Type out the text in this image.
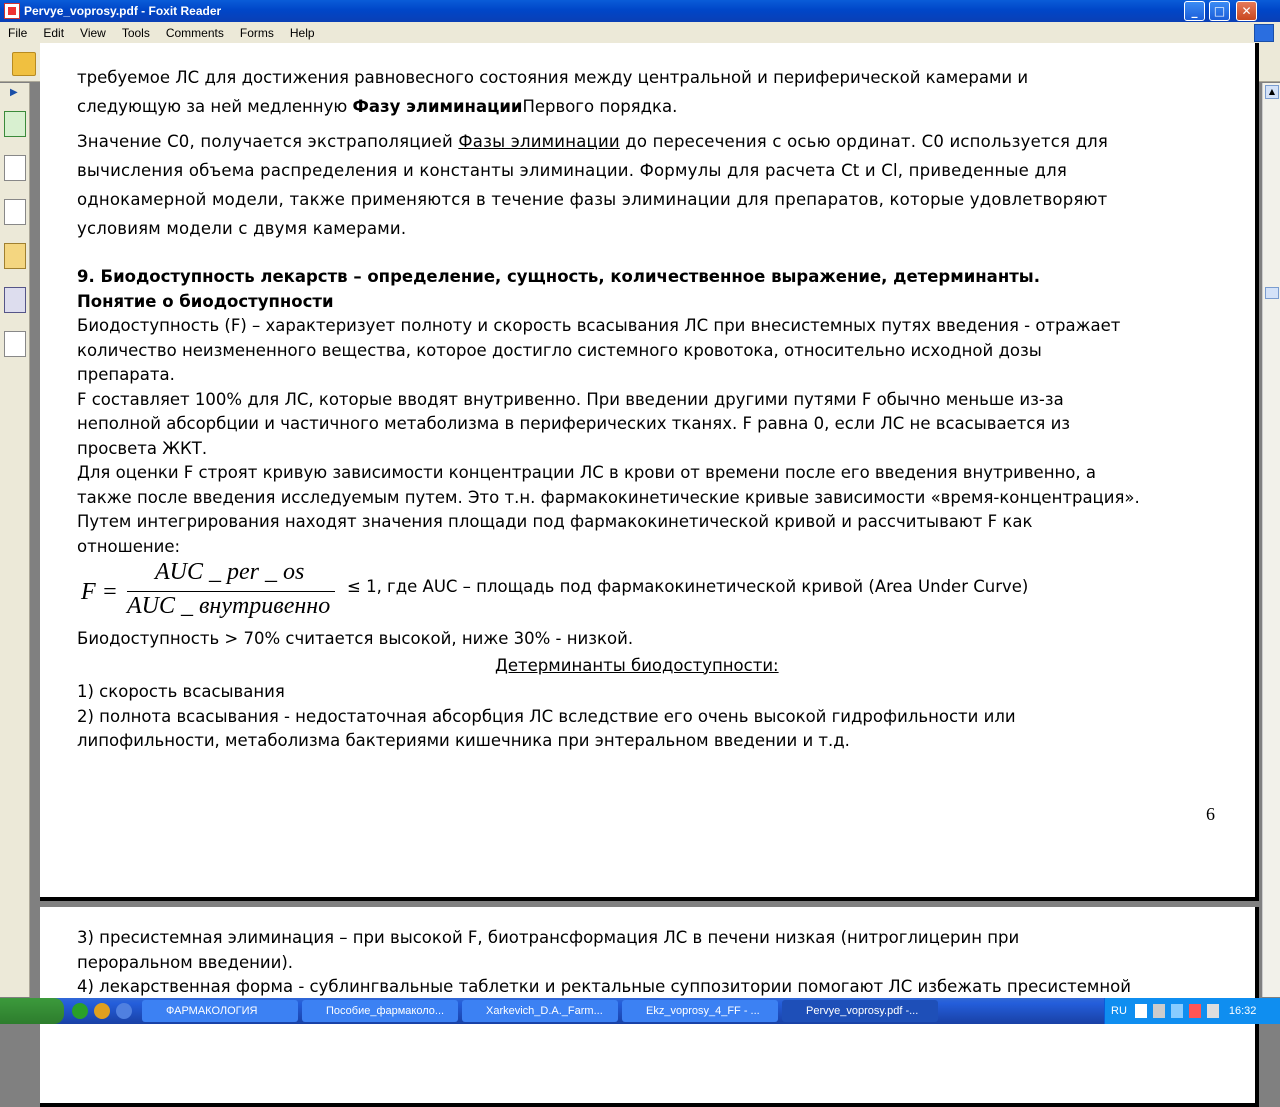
Pervye_voprosy.pdf - Foxit Reader	_	□	✕
File	Edit	View	Tools	Comments	Forms	Help
▶

требуемое ЛС для достижения равновесного состояния между центральной и периферической камерами и

следующую за ней медленную Фазу элиминацииПервого порядка.

Значение С0, получается экстраполяцией Фазы элиминации до пересечения с осью ординат. С0 используется для

вычисления объема распределения и константы элиминации. Формулы для расчета Ct и Cl, приведенные для

однокамерной модели, также применяются в течение фазы элиминации для препаратов, которые удовлетворяют

условиям модели с двумя камерами.

9. Биодоступность лекарств – определение, сущность, количественное выражение, детерминанты.

Понятие о биодоступности

Биодоступность (F) – характеризует полноту и скорость всасывания ЛС при внесистемных путях введения - отражает

количество неизмененного вещества, которое достигло системного кровотока, относительно исходной дозы

препарата.

F составляет 100% для ЛС, которые вводят внутривенно. При введении другими путями F обычно меньше из-за

неполной абсорбции и частичного метаболизма в периферических тканях. F равна 0, если ЛС не всасывается из

просвета ЖКТ.

Для оценки F строят кривую зависимости концентрации ЛС в крови от времени после его введения внутривенно, а

также после введения исследуемым путем. Это т.н. фармакокинетические кривые зависимости «время-концентрация».

Путем интегрирования находят значения площади под фармакокинетической кривой и рассчитывают F как

отношение:

F =
AUC _ per _ os
AUC _ внутривенно
≤ 1, где AUC – площадь под фармакокинетической кривой (Area Under Curve)

Биодоступность > 70% считается высокой, ниже 30% - низкой.

Детерминанты биодоступности:

1) скорость всасывания

2) полнота всасывания - недостаточная абсорбция ЛС вследствие его очень высокой гидрофильности или

липофильности, метаболизма бактериями кишечника при энтеральном введении и т.д.

6

3) пресистемная элиминация – при высокой F, биотрансформация ЛС в печени низкая (нитроглицерин при

пероральном введении).

4) лекарственная форма - сублингвальные таблетки и ректальные суппозитории помогают ЛС избежать пресистемной

▲
ФАРМАКОЛОГИЯ	Пособие_фармаколо...	Xarkevich_D.A._Farm...	Ekz_voprosy_4_FF - ...	Pervye_voprosy.pdf -...	RU	16:32
